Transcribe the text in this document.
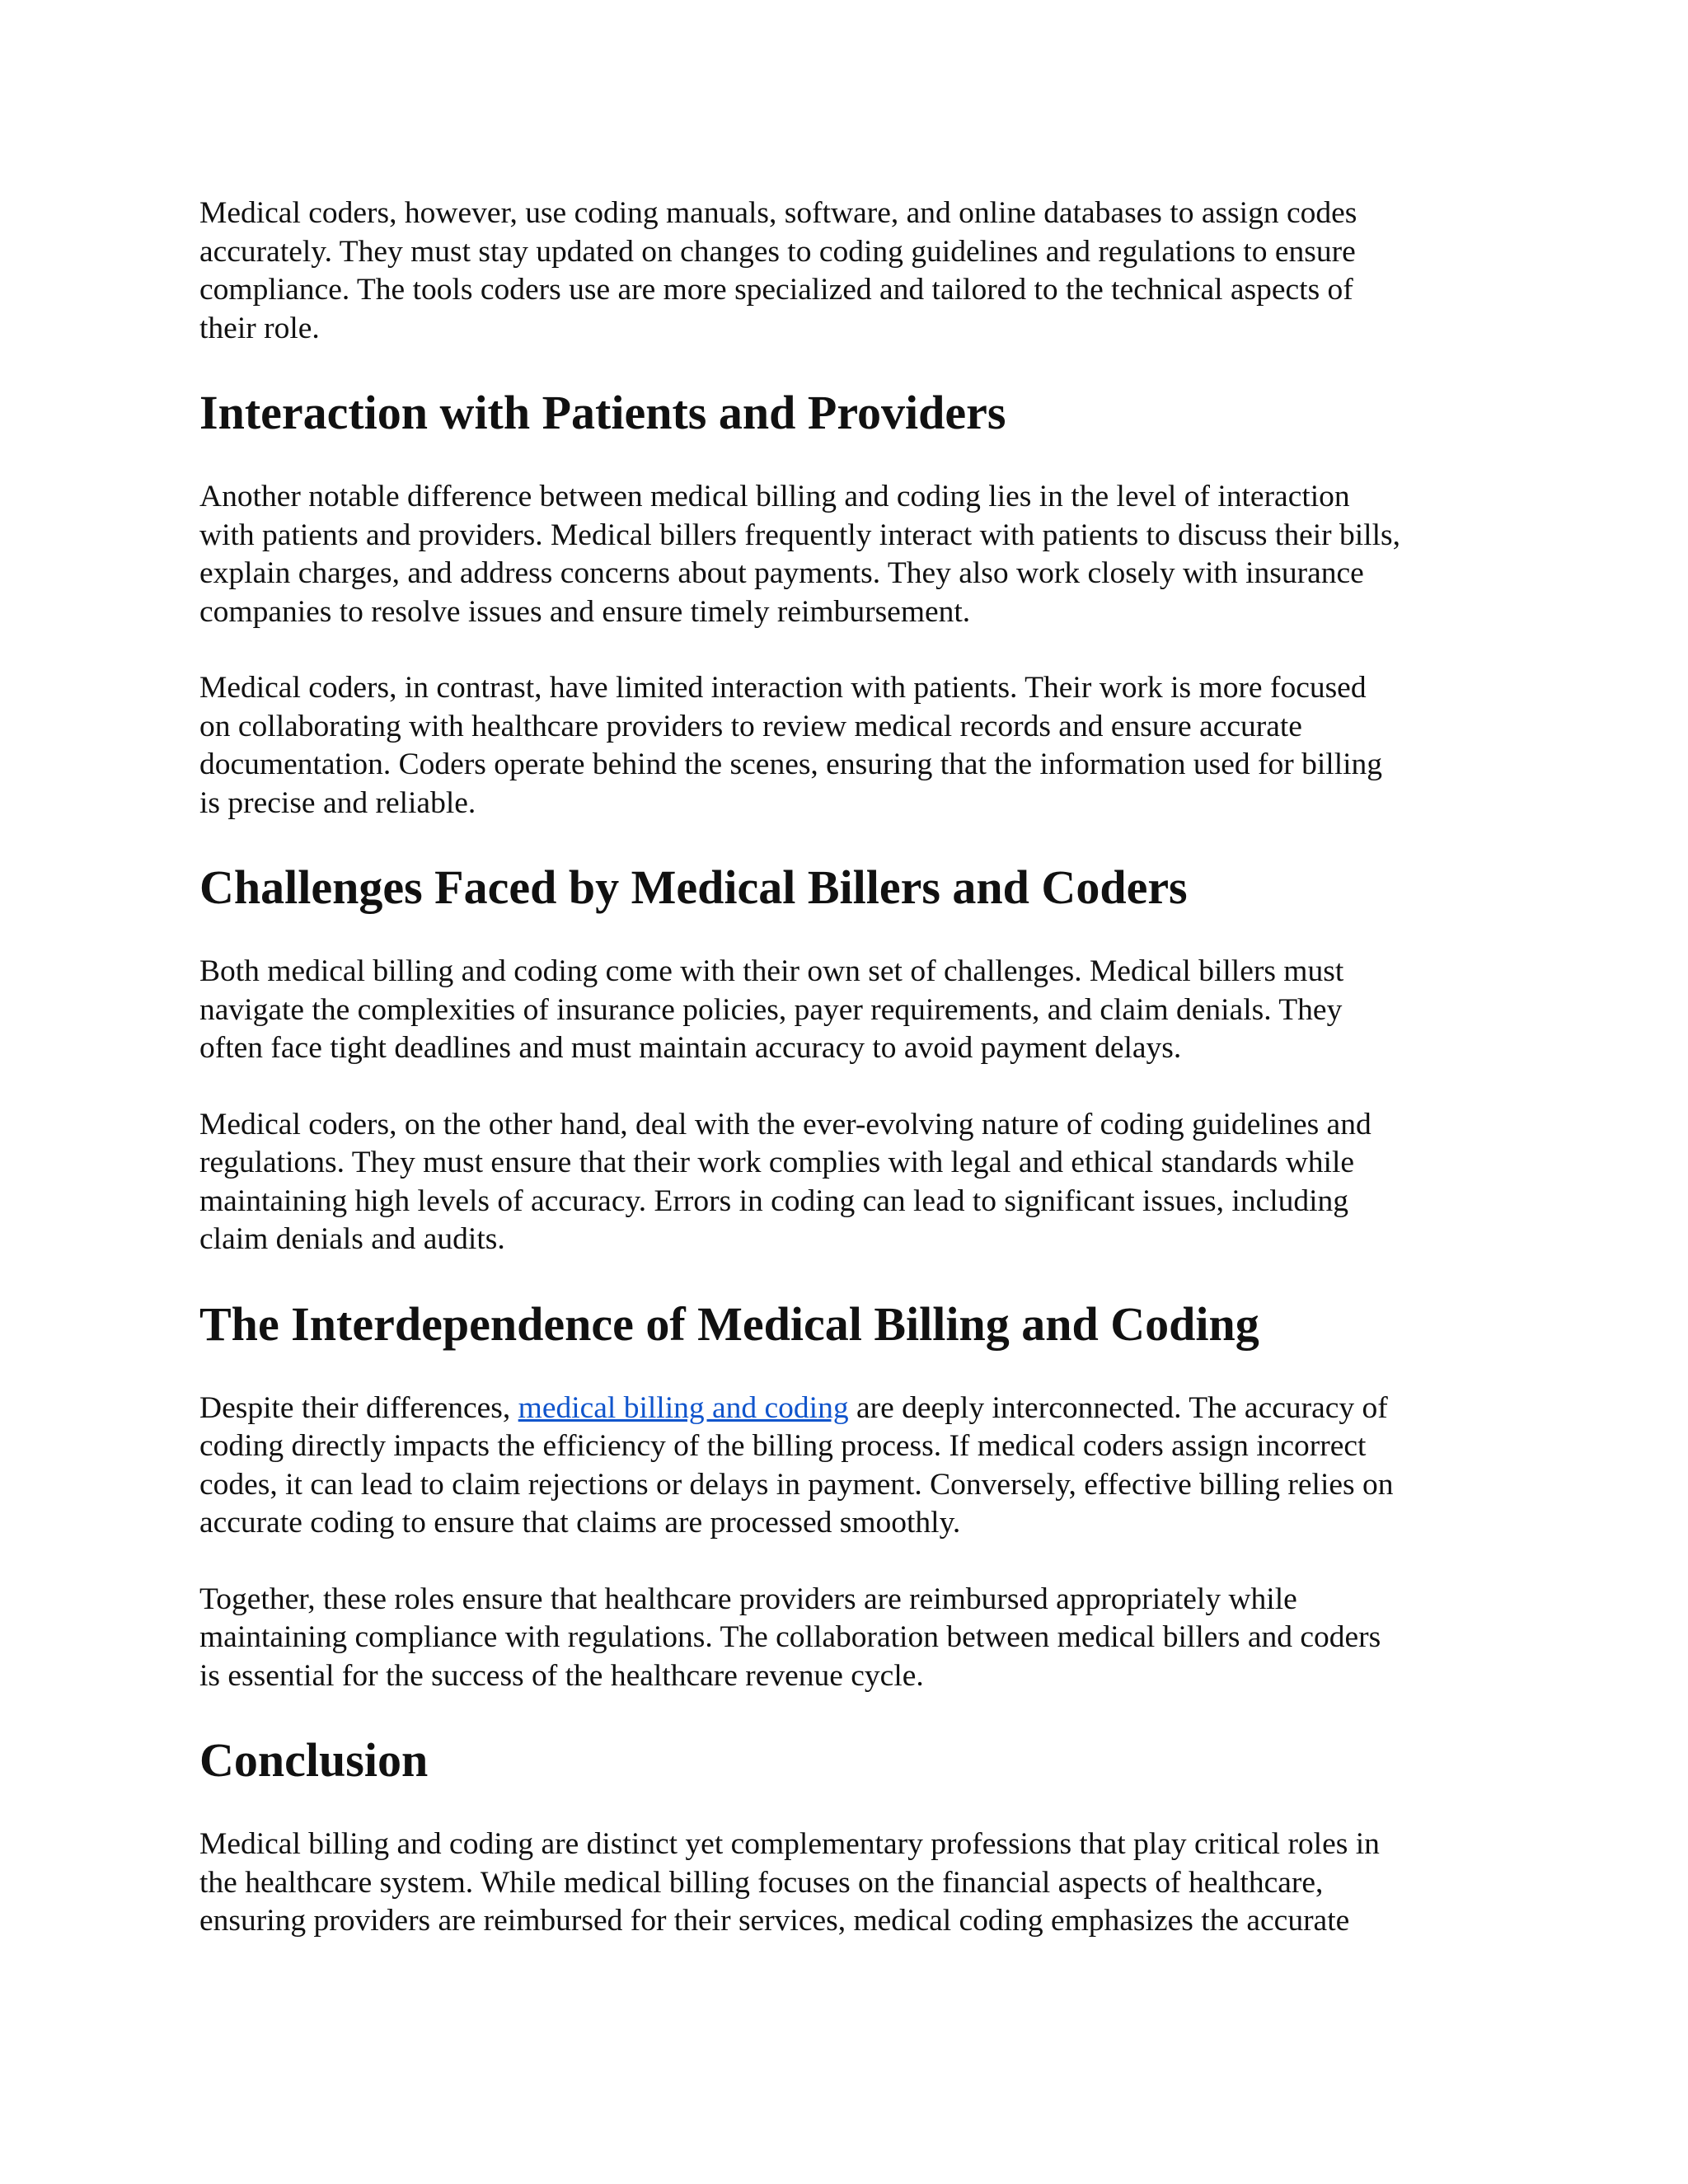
Medical coders, however, use coding manuals, software, and online databases to assign codes
accurately. They must stay updated on changes to coding guidelines and regulations to ensure
compliance. The tools coders use are more specialized and tailored to the technical aspects of
their role.

Interaction with Patients and Providers

Another notable difference between medical billing and coding lies in the level of interaction
with patients and providers. Medical billers frequently interact with patients to discuss their bills,
explain charges, and address concerns about payments. They also work closely with insurance
companies to resolve issues and ensure timely reimbursement.

Medical coders, in contrast, have limited interaction with patients. Their work is more focused
on collaborating with healthcare providers to review medical records and ensure accurate
documentation. Coders operate behind the scenes, ensuring that the information used for billing
is precise and reliable.

Challenges Faced by Medical Billers and Coders

Both medical billing and coding come with their own set of challenges. Medical billers must
navigate the complexities of insurance policies, payer requirements, and claim denials. They
often face tight deadlines and must maintain accuracy to avoid payment delays.

Medical coders, on the other hand, deal with the ever-evolving nature of coding guidelines and
regulations. They must ensure that their work complies with legal and ethical standards while
maintaining high levels of accuracy. Errors in coding can lead to significant issues, including
claim denials and audits.

The Interdependence of Medical Billing and Coding

Despite their differences, medical billing and coding are deeply interconnected. The accuracy of
coding directly impacts the efficiency of the billing process. If medical coders assign incorrect
codes, it can lead to claim rejections or delays in payment. Conversely, effective billing relies on
accurate coding to ensure that claims are processed smoothly.

Together, these roles ensure that healthcare providers are reimbursed appropriately while
maintaining compliance with regulations. The collaboration between medical billers and coders
is essential for the success of the healthcare revenue cycle.

Conclusion

Medical billing and coding are distinct yet complementary professions that play critical roles in
the healthcare system. While medical billing focuses on the financial aspects of healthcare,
ensuring providers are reimbursed for their services, medical coding emphasizes the accurate
